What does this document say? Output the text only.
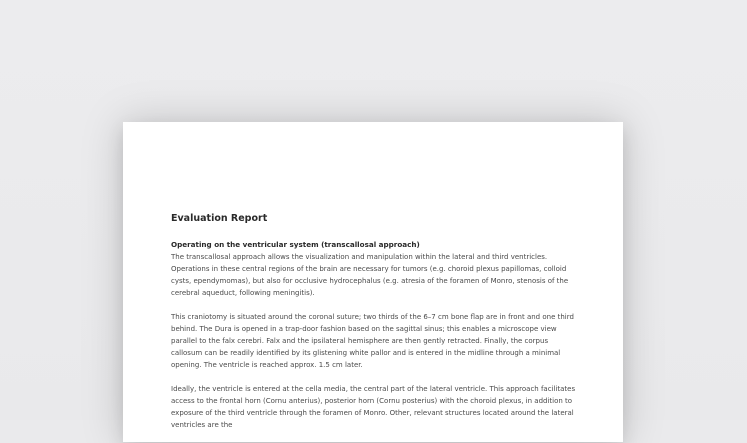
Evaluation Report
Operating on the ventricular system (transcallosal approach)

The transcallosal approach allows the visualization and manipulation within the lateral and third ventricles. Operations in these central regions of the brain are necessary for tumors (e.g. choroid plexus papillomas, colloid cysts, ependymomas), but also for occlusive hydrocephalus (e.g. atresia of the foramen of Monro, stenosis of the cerebral aqueduct, following meningitis).

This craniotomy is situated around the coronal suture; two thirds of the 6–7 cm bone flap are in front and one third behind. The Dura is opened in a trap-door fashion based on the sagittal sinus; this enables a microscope view parallel to the falx cerebri. Falx and the ipsilateral hemisphere are then gently retracted. Finally, the corpus callosum can be readily identified by its glistening white pallor and is entered in the midline through a minimal opening. The ventricle is reached approx. 1.5 cm later.

Ideally, the ventricle is entered at the cella media, the central part of the lateral ventricle. This approach facilitates access to the frontal horn (Cornu anterius), posterior horn (Cornu posterius) with the choroid plexus, in addition to exposure of the third ventricle through the foramen of Monro. Other, relevant structures located around the lateral ventricles are the
